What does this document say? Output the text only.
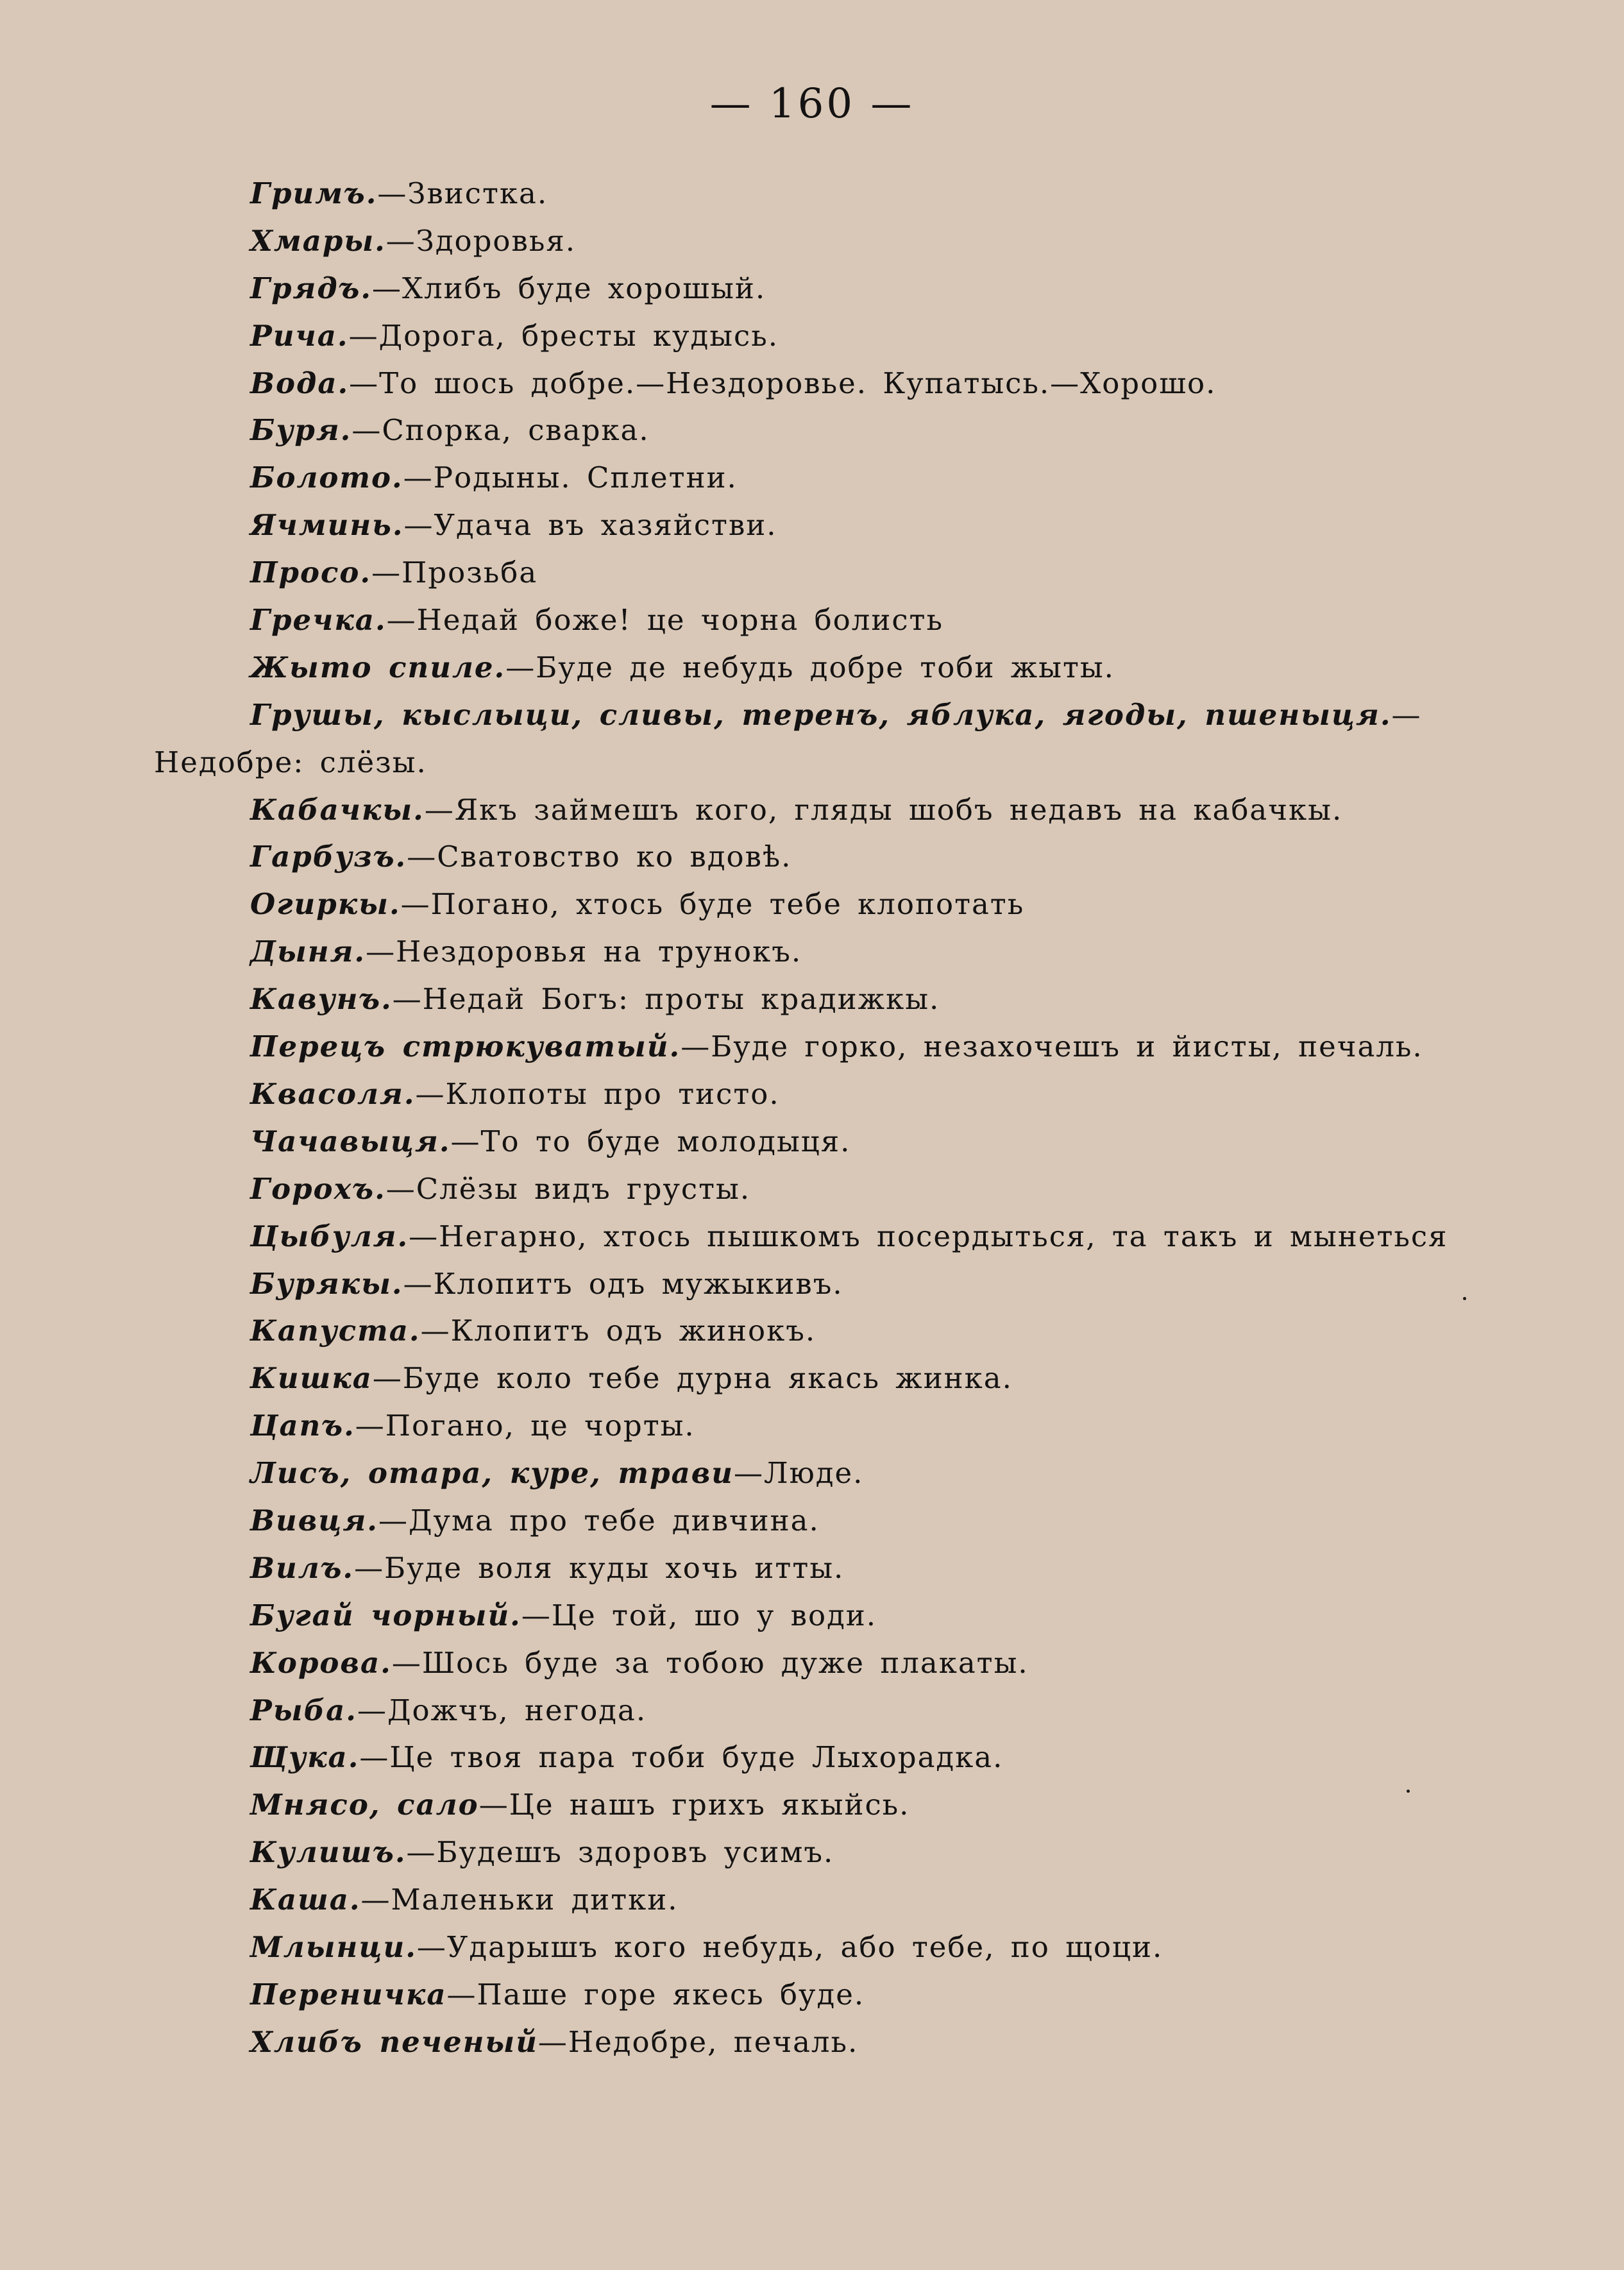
— 160 —
Гримъ.—Звистка.
Хмары.—Здоровья.
Грядъ.—Хлибъ буде хорошый.
Рича.—Дорога, бресты кудысь.
Вода.—То шось добре.—Нездоровье. Купатысь.—Хорошо.
Буря.—Спорка, сварка.
Болото.—Родыны. Сплетни.
Ячминь.—Удача въ хазяйстви.
Просо.—Прозьба
Гречка.—Недай боже! це чорна болисть
Жыто спиле.—Буде де небудь добре тоби жыты.
Грушы, кыслыци, сливы, теренъ, яблука, ягоды, пшеныця.—Недобре: слёзы.
Кабачкы.—Якъ займешъ кого, гляды шобъ недавъ на кабачкы.
Гарбузъ.—Сватовство ко вдовѣ.
Огиркы.—Погано, хтось буде тебе клопотать
Дыня.—Нездоровья на трунокъ.
Кавунъ.—Недай Богъ: проты крадижкы.
Перецъ стрюкуватый.—Буде горко, незахочешъ и йисты, печаль.
Квасоля.—Клопоты про тисто.
Чачавыця.—То то буде молодыця.
Горохъ.—Слёзы видъ грусты.
Цыбуля.—Негарно, хтось пышкомъ посердыться, та такъ и мынеться
Бурякы.—Клопитъ одъ мужыкивъ.
Капуста.—Клопитъ одъ жинокъ.
Кишка—Буде коло тебе дурна якась жинка.
Цапъ.—Погано, це чорты.
Лисъ, отара, куре, трави—Люде.
Вивця.—Дума про тебе дивчина.
Вилъ.—Буде воля куды хочь итты.
Бугай чорный.—Це той, шо у води.
Корова.—Шось буде за тобою дуже плакаты.
Рыба.—Дожчъ, негода.
Щука.—Це твоя пара тоби буде Лыхорадка.
Мнясо, сало—Це нашъ грихъ якыйсь.
Кулишъ.—Будешъ здоровъ усимъ.
Каша.—Маленьки дитки.
Млынци.—Ударышъ кого небудь, або тебе, по щоци.
Переничка—Паше горе якесь буде.
Хлибъ печеный—Недобре, печаль.
